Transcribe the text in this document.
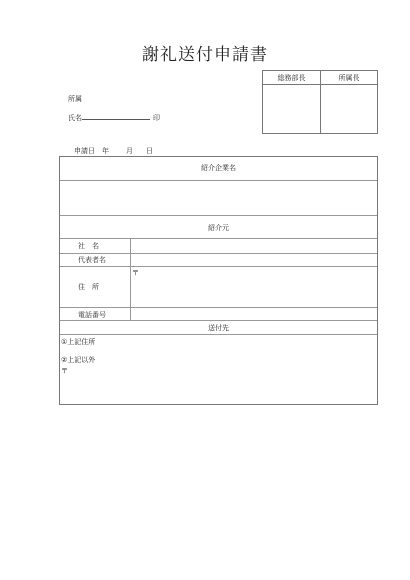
謝礼送付申請書
総務部長	所属長
所属
氏名	印
申請日 年 月 日
紹介企業名
紹介元
社　名
代表者名
〒
住　所
電話番号
送付先
①上記住所
②上記以外
〒
